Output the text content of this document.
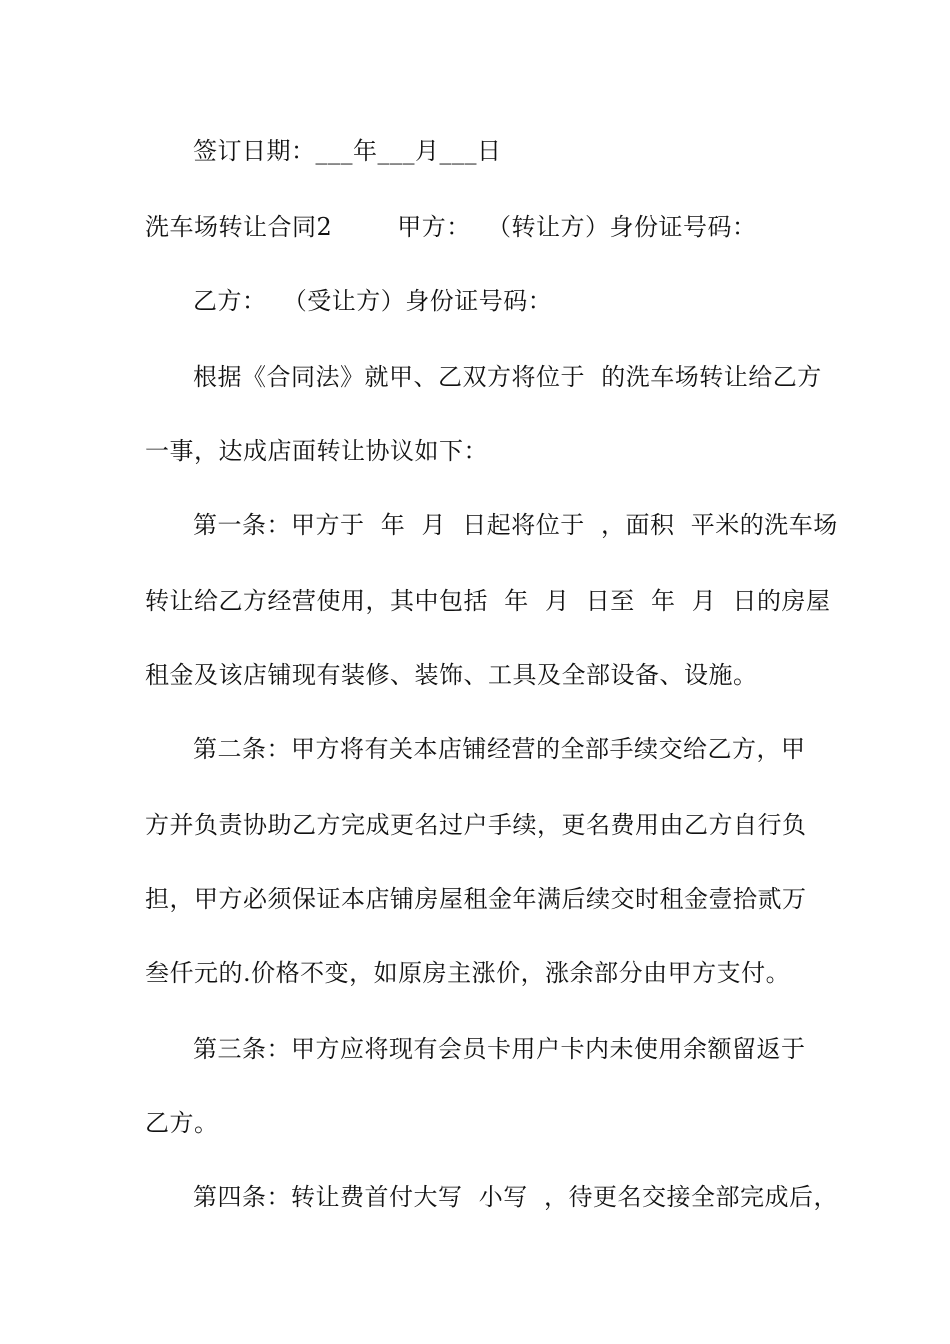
签订日期：___年___月___日
洗车场转让合同2        甲方：  （转让方）身份证号码：
乙方：  （受让方）身份证号码：
根据《合同法》就甲、乙双方将位于  的洗车场转让给乙方
一事，达成店面转让协议如下：
第一条：甲方于  年  月  日起将位于  ，面积  平米的洗车场
转让给乙方经营使用，其中包括  年  月  日至  年  月  日的房屋
租金及该店铺现有装修、装饰、工具及全部设备、设施。
第二条：甲方将有关本店铺经营的全部手续交给乙方，甲
方并负责协助乙方完成更名过户手续，更名费用由乙方自行负
担，甲方必须保证本店铺房屋租金年满后续交时租金壹拾贰万
叁仟元的.价格不变，如原房主涨价，涨余部分由甲方支付。
第三条：甲方应将现有会员卡用户卡内未使用余额留返于
乙方。
第四条：转让费首付大写  小写  ，待更名交接全部完成后，
